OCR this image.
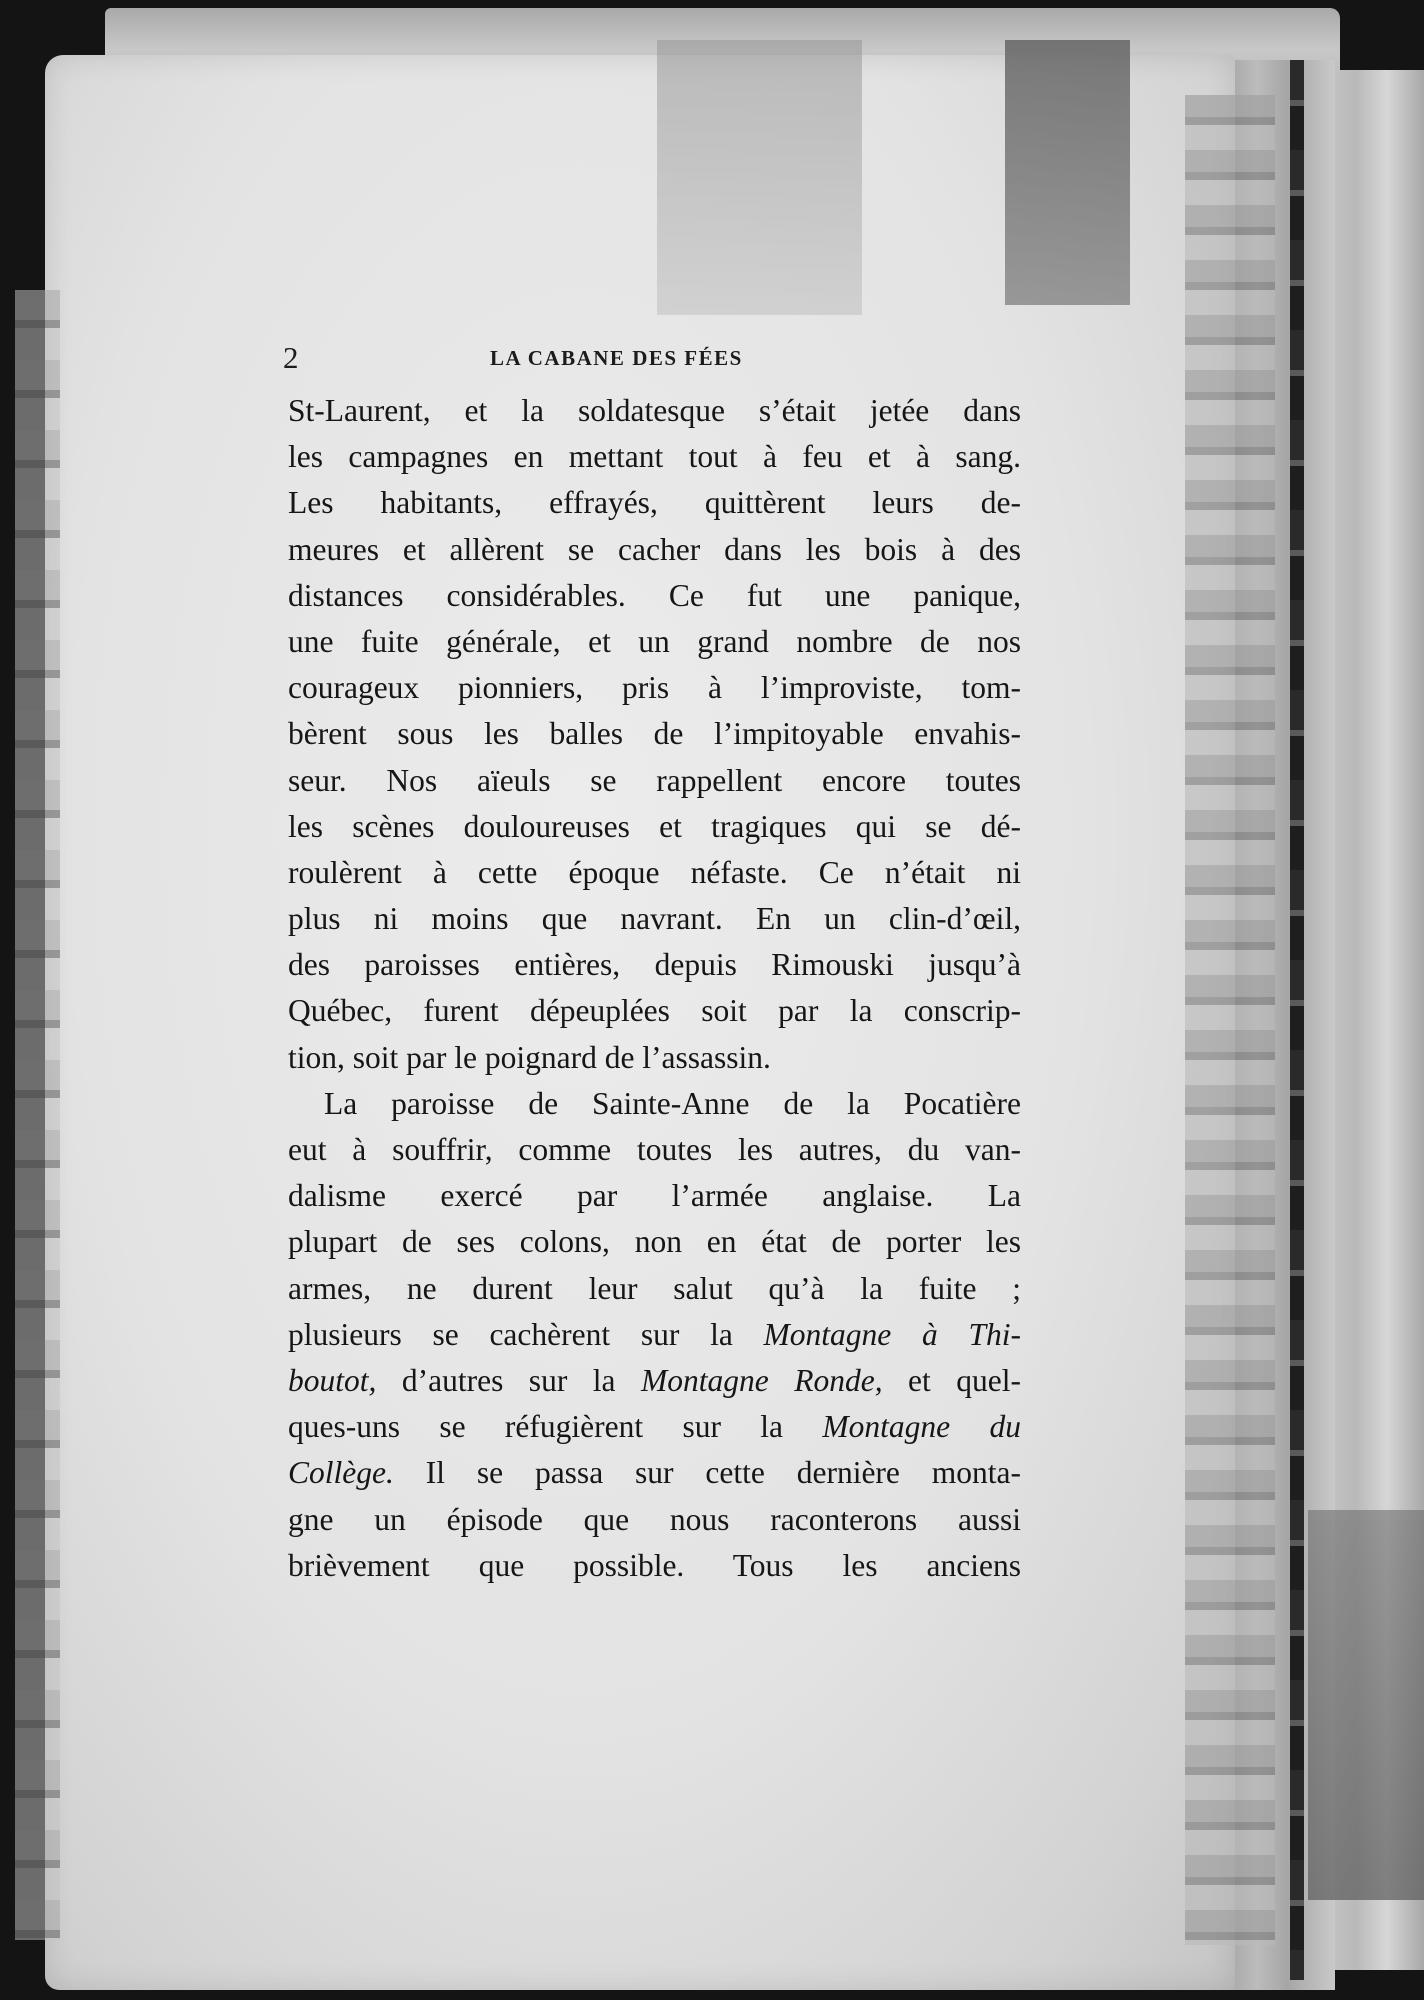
2	LA CABANE DES FÉES
St-Laurent, et la soldatesque s’était jetée dans
les campagnes en mettant tout à feu et à sang.
Les habitants, effrayés, quittèrent leurs de-
meures et allèrent se cacher dans les bois à des
distances considérables. Ce fut une panique,
une fuite générale, et un grand nombre de nos
courageux pionniers, pris à l’improviste, tom-
bèrent sous les balles de l’impitoyable envahis-
seur. Nos aïeuls se rappellent encore toutes
les scènes douloureuses et tragiques qui se dé-
roulèrent à cette époque néfaste. Ce n’était ni
plus ni moins que navrant. En un clin-d’œil,
des paroisses entières, depuis Rimouski jusqu’à
Québec, furent dépeuplées soit par la conscrip-
tion, soit par le poignard de l’assassin.
La paroisse de Sainte-Anne de la Pocatière
eut à souffrir, comme toutes les autres, du van-
dalisme exercé par l’armée anglaise. La
plupart de ses colons, non en état de porter les
armes, ne durent leur salut qu’à la fuite ;
plusieurs se cachèrent sur la Montagne à Thi-
boutot, d’autres sur la Montagne Ronde, et quel-
ques-uns se réfugièrent sur la Montagne du
Collège. Il se passa sur cette dernière monta-
gne un épisode que nous raconterons aussi
brièvement que possible. Tous les anciens
